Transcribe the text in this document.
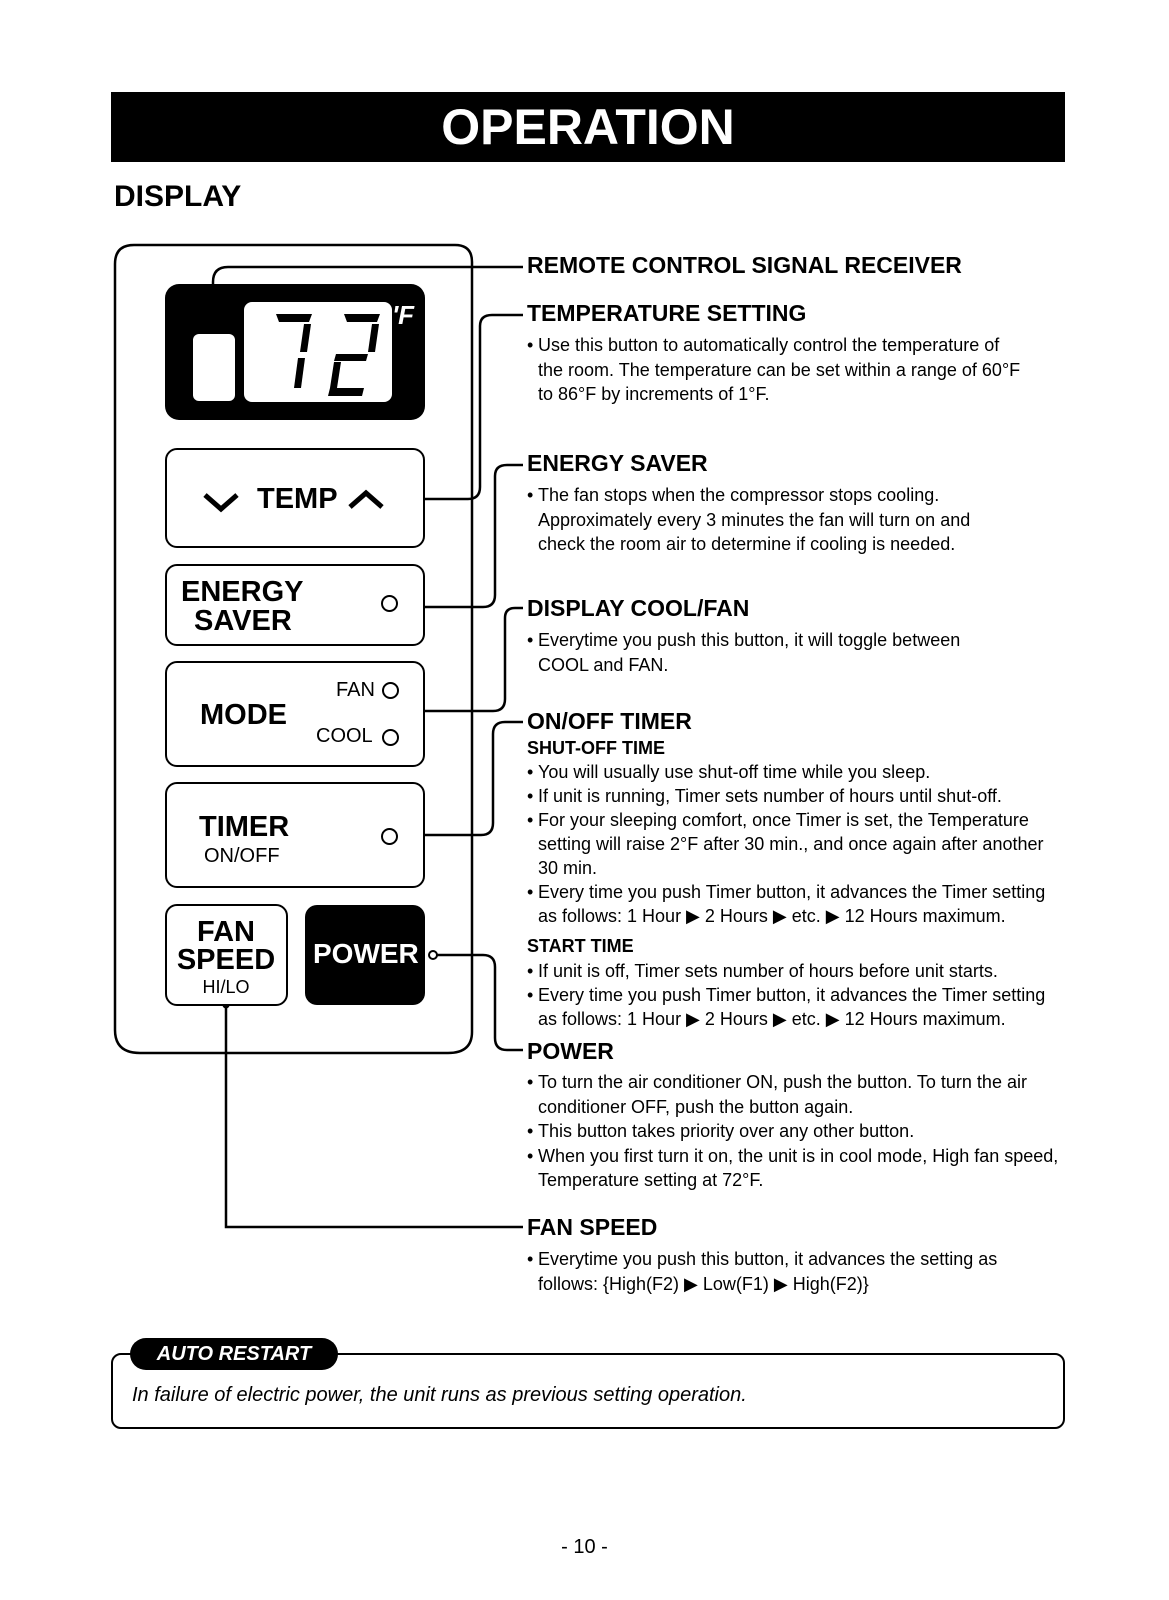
OPERATION
DISPLAY
'F
TEMP
ENERGY
SAVER
MODE
FAN
COOL
TIMER
ON/OFF
FAN
SPEED
HI/LO
POWER
REMOTE CONTROL SIGNAL RECEIVER
TEMPERATURE SETTING
• Use this button to automatically control the temperature of the room. The temperature can be set within a range of 60°F to 86°F by increments of 1°F.
ENERGY SAVER
• The fan stops when the compressor stops cooling. Approximately every 3 minutes the fan will turn on and check the room air to determine if cooling is needed.
DISPLAY COOL/FAN
• Everytime you push this button, it will toggle between COOL and FAN.
ON/OFF TIMER
SHUT-OFF TIME
• You will usually use shut-off time while you sleep.
• If unit is running, Timer sets number of hours until shut-off.
• For your sleeping comfort, once Timer is set, the Temperature setting will raise 2°F after 30 min., and once again after another 30 min.
• Every time you push Timer button, it advances the Timer setting as follows: 1 Hour ▶ 2 Hours ▶ etc. ▶ 12 Hours maximum.
START TIME
• If unit is off, Timer sets number of hours before unit starts.
• Every time you push Timer button, it advances the Timer setting as follows: 1 Hour ▶ 2 Hours ▶ etc. ▶ 12 Hours maximum.
POWER
• To turn the air conditioner ON, push the button. To turn the air conditioner OFF, push the button again.
• This button takes priority over any other button.
• When you first turn it on, the unit is in cool mode, High fan speed, Temperature setting at 72°F.
FAN SPEED
• Everytime you push this button, it advances the setting as follows: {High(F2) ▶ Low(F1) ▶ High(F2)}
AUTO RESTART
In failure of electric power, the unit runs as previous setting operation.
- 10 -
